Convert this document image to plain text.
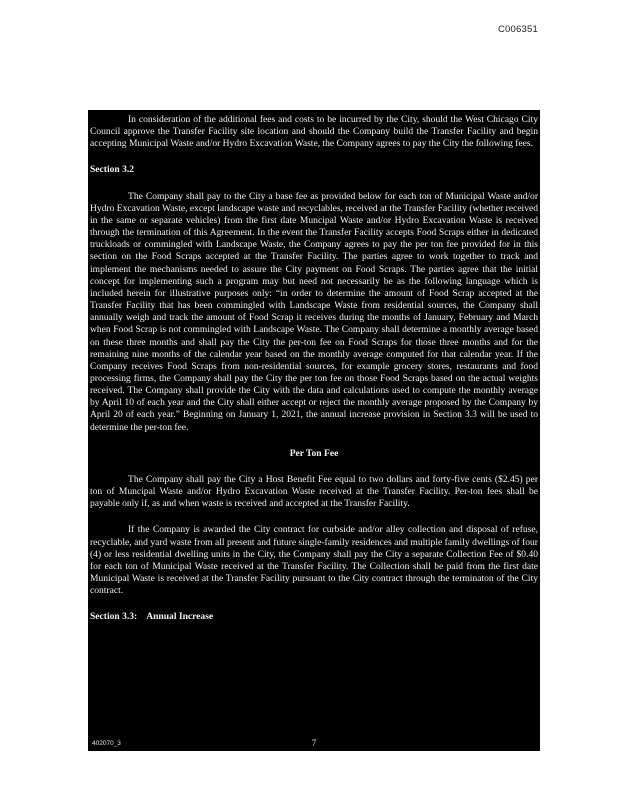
C006351

In consideration of the additional fees and costs to be incurred by the City, should the West Chicago City Council approve the Transfer Facility site location and should the Company build the Transfer Facility and begin accepting Municipal Waste and/or Hydro Excavation Waste, the Company agrees to pay the City the following fees.

Section 3.2

The Company shall pay to the City a base fee as provided below for each ton of Municipal Waste and/or Hydro Excavation Waste, except landscape waste and recyclables, received at the Transfer Facility (whether received in the same or separate vehicles) from the first date Muncipal Waste and/or Hydro Excavation Waste is received through the termination of this Agreement. In the event the Transfer Facility accepts Food Scraps either in dedicated truckloads or commingled with Landscape Waste, the Company agrees to pay the per ton fee provided for in this section on the Food Scraps accepted at the Transfer Facility. The parties agree to work together to track and implement the mechanisms needed to assure the City payment on Food Scraps. The parties agree that the initial concept for implementing such a program may but need not necessarily be as the following language which is included herein for illustrative purposes only: “in order to determine the amount of Food Scrap accepted at the Transfer Facility that has been commingled with Landscape Waste from residential sources, the Company shall annually weigh and track the amount of Food Scrap it receives during the months of January, February and March when Food Scrap is not commingled with Landscape Waste. The Company shall determine a monthly average based on these three months and shall pay the City the per-ton fee on Food Scraps for those three months and for the remaining nine months of the calendar year based on the monthly average computed for that calendar year. If the Company receives Food Scraps from non-residential sources, for example grocery stores, restaurants and food processing firms, the Company shall pay the City the per ton fee on those Food Scraps based on the actual weights received. The Company shall provide the City with the data and calculations used to compute the monthly average by April 10 of each year and the City shall either accept or reject the monthly average proposed by the Company by April 20 of each year.” Beginning on January 1, 2021, the annual increase provision in Section 3.3 will be used to determine the per-ton fee.

Per Ton Fee

The Company shall pay the City a Host Benefit Fee equal to two dollars and forty-five cents ($2.45) per ton of Muncipal Waste and/or Hydro Excavation Waste received at the Transfer Facility. Per-ton fees shall be payable only if, as and when waste is received and accepted at the Transfer Facility.

If the Company is awarded the City contract for curbside and/or alley collection and disposal of refuse, recyclable, and yard waste from all present and future single-family residences and multiple family dwellings of four (4) or less residential dwelling units in the City, the Company shall pay the City a separate Collection Fee of $0.40 for each ton of Municipal Waste received at the Transfer Facility. The Collection shall be paid from the first date Municipal Waste is received at the Transfer Facility pursuant to the City contract through the terminaton of the City contract.

Section 3.3:    Annual Increase

402070_3	7
